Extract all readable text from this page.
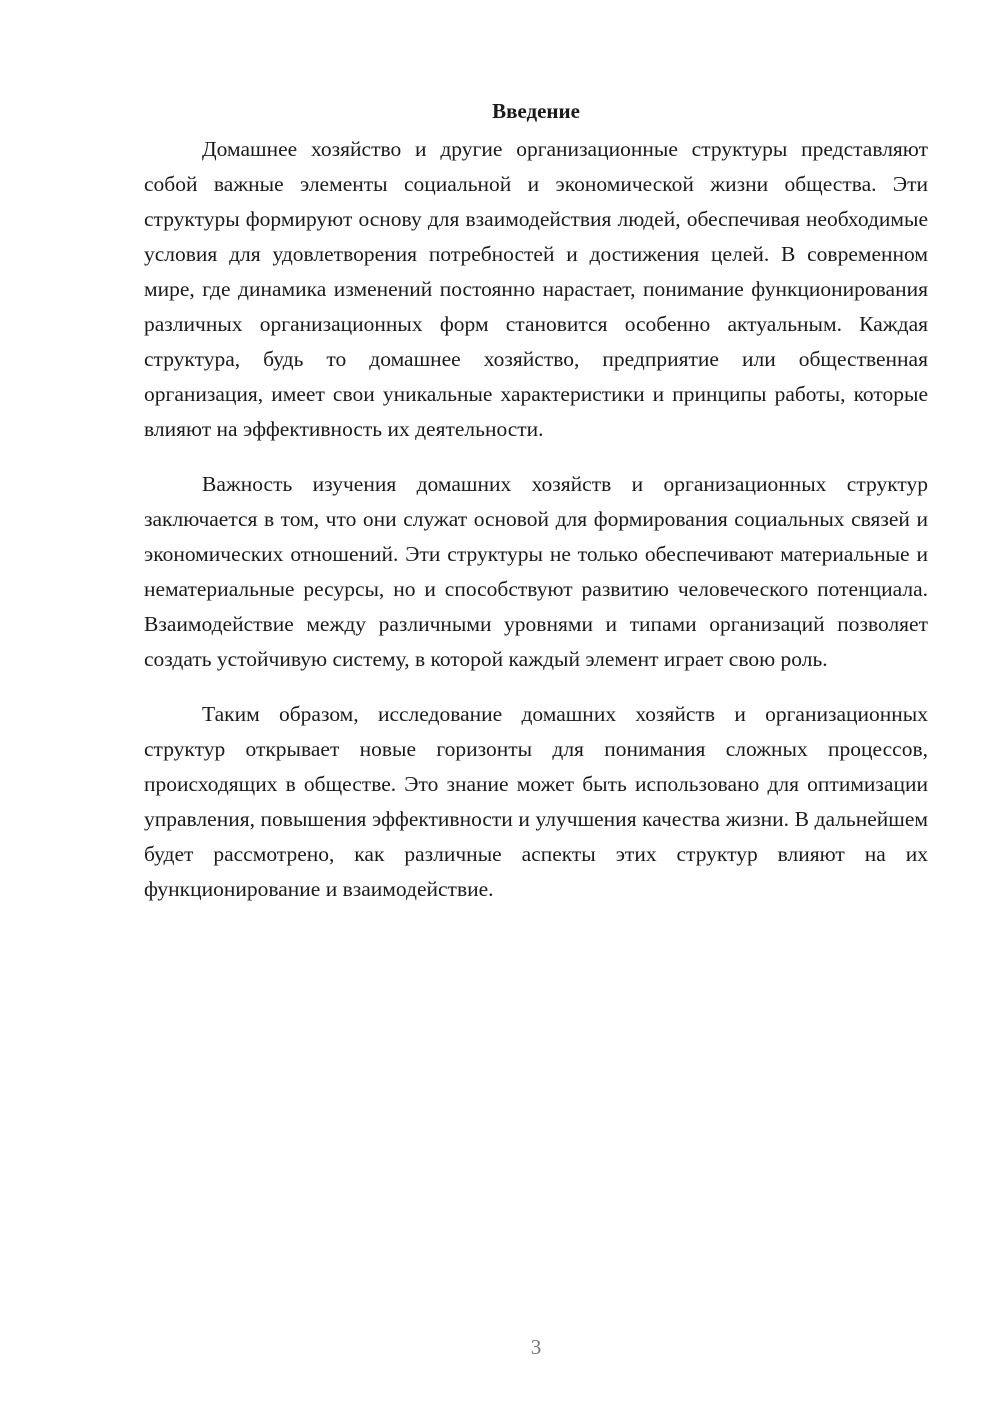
Введение

Домашнее хозяйство и другие организационные структуры представляют собой важные элементы социальной и экономической жизни общества. Эти структуры формируют основу для взаимодействия людей, обеспечивая необходимые условия для удовлетворения потребностей и достижения целей. В современном мире, где динамика изменений постоянно нарастает, понимание функционирования различных организационных форм становится особенно актуальным. Каждая структура, будь то домашнее хозяйство, предприятие или общественная организация, имеет свои уникальные характеристики и принципы работы, которые влияют на эффективность их деятельности.

Важность изучения домашних хозяйств и организационных структур заключается в том, что они служат основой для формирования социальных связей и экономических отношений. Эти структуры не только обеспечивают материальные и нематериальные ресурсы, но и способствуют развитию человеческого потенциала. Взаимодействие между различными уровнями и типами организаций позволяет создать устойчивую систему, в которой каждый элемент играет свою роль.

Таким образом, исследование домашних хозяйств и организационных структур открывает новые горизонты для понимания сложных процессов, происходящих в обществе. Это знание может быть использовано для оптимизации управления, повышения эффективности и улучшения качества жизни. В дальнейшем будет рассмотрено, как различные аспекты этих структур влияют на их функционирование и взаимодействие.

3
